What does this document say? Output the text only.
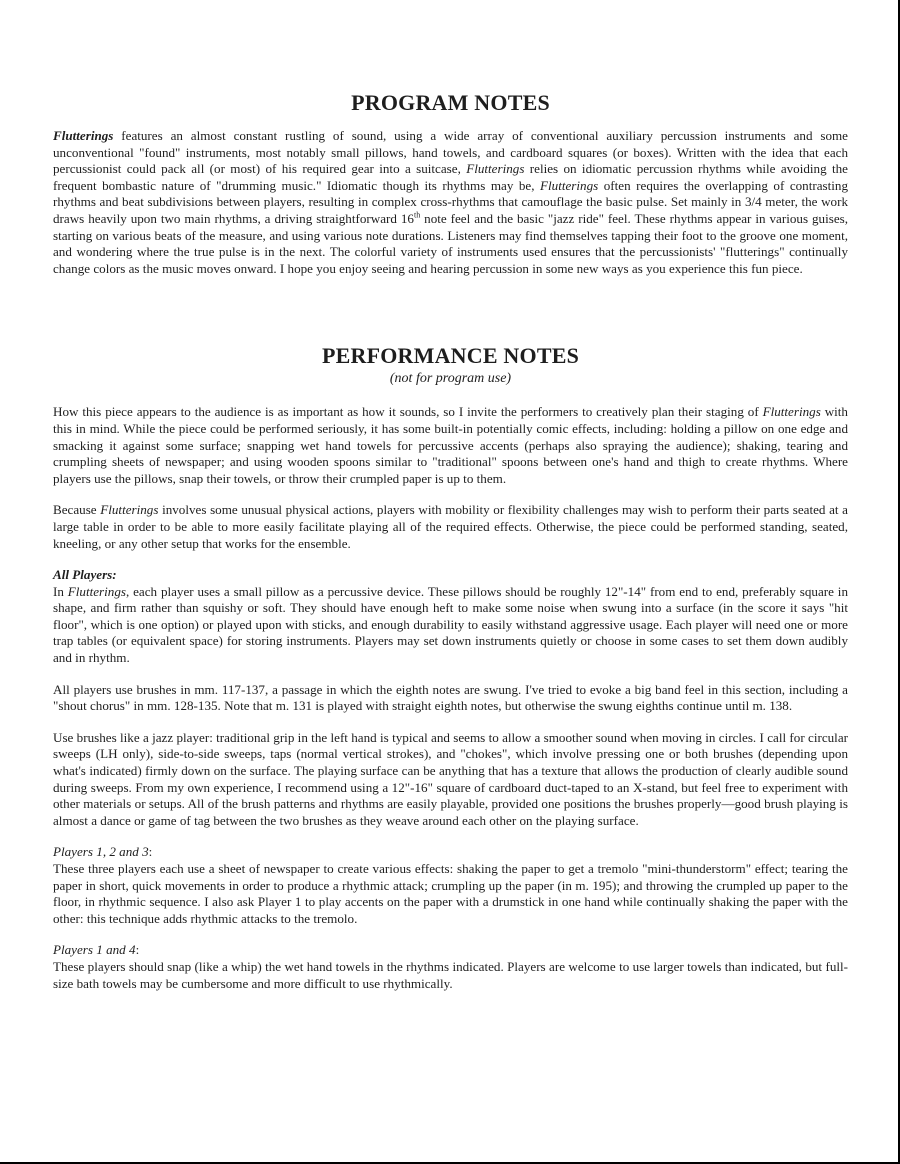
PROGRAM NOTES

Flutterings features an almost constant rustling of sound, using a wide array of conventional auxiliary percussion instruments and some unconventional "found" instruments, most notably small pillows, hand towels, and cardboard squares (or boxes). Written with the idea that each percussionist could pack all (or most) of his required gear into a suitcase, Flutterings relies on idiomatic percussion rhythms while avoiding the frequent bombastic nature of "drumming music." Idiomatic though its rhythms may be, Flutterings often requires the overlapping of contrasting rhythms and beat subdivisions between players, resulting in complex cross-rhythms that camouflage the basic pulse. Set mainly in 3/4 meter, the work draws heavily upon two main rhythms, a driving straightforward 16th note feel and the basic "jazz ride" feel. These rhythms appear in various guises, starting on various beats of the measure, and using various note durations. Listeners may find themselves tapping their foot to the groove one moment, and wondering where the true pulse is in the next. The colorful variety of instruments used ensures that the percussionists' "flutterings" continually change colors as the music moves onward. I hope you enjoy seeing and hearing percussion in some new ways as you experience this fun piece.

PERFORMANCE NOTES
(not for program use)

How this piece appears to the audience is as important as how it sounds, so I invite the performers to creatively plan their staging of Flutterings with this in mind. While the piece could be performed seriously, it has some built-in potentially comic effects, including: holding a pillow on one edge and smacking it against some surface; snapping wet hand towels for percussive accents (perhaps also spraying the audience); shaking, tearing and crumpling sheets of newspaper; and using wooden spoons similar to "traditional" spoons between one's hand and thigh to create rhythms. Where players use the pillows, snap their towels, or throw their crumpled paper is up to them.

Because Flutterings involves some unusual physical actions, players with mobility or flexibility challenges may wish to perform their parts seated at a large table in order to be able to more easily facilitate playing all of the required effects. Otherwise, the piece could be performed standing, seated, kneeling, or any other setup that works for the ensemble.

All Players:

In Flutterings, each player uses a small pillow as a percussive device. These pillows should be roughly 12"-14" from end to end, preferably square in shape, and firm rather than squishy or soft. They should have enough heft to make some noise when swung into a surface (in the score it says "hit floor", which is one option) or played upon with sticks, and enough durability to easily withstand aggressive usage. Each player will need one or more trap tables (or equivalent space) for storing instruments. Players may set down instruments quietly or choose in some cases to set them down audibly and in rhythm.

All players use brushes in mm. 117-137, a passage in which the eighth notes are swung. I've tried to evoke a big band feel in this section, including a "shout chorus" in mm. 128-135. Note that m. 131 is played with straight eighth notes, but otherwise the swung eighths continue until m. 138.

Use brushes like a jazz player: traditional grip in the left hand is typical and seems to allow a smoother sound when moving in circles. I call for circular sweeps (LH only), side-to-side sweeps, taps (normal vertical strokes), and "chokes", which involve pressing one or both brushes (depending upon what's indicated) firmly down on the surface. The playing surface can be anything that has a texture that allows the production of clearly audible sound during sweeps. From my own experience, I recommend using a 12"-16" square of cardboard duct-taped to an X-stand, but feel free to experiment with other materials or setups. All of the brush patterns and rhythms are easily playable, provided one positions the brushes properly—good brush playing is almost a dance or game of tag between the two brushes as they weave around each other on the playing surface.

Players 1, 2 and 3:

These three players each use a sheet of newspaper to create various effects: shaking the paper to get a tremolo "mini-thunderstorm" effect; tearing the paper in short, quick movements in order to produce a rhythmic attack; crumpling up the paper (in m. 195); and throwing the crumpled up paper to the floor, in rhythmic sequence. I also ask Player 1 to play accents on the paper with a drumstick in one hand while continually shaking the paper with the other: this technique adds rhythmic attacks to the tremolo.

Players 1 and 4:

These players should snap (like a whip) the wet hand towels in the rhythms indicated. Players are welcome to use larger towels than indicated, but full-size bath towels may be cumbersome and more difficult to use rhythmically.
